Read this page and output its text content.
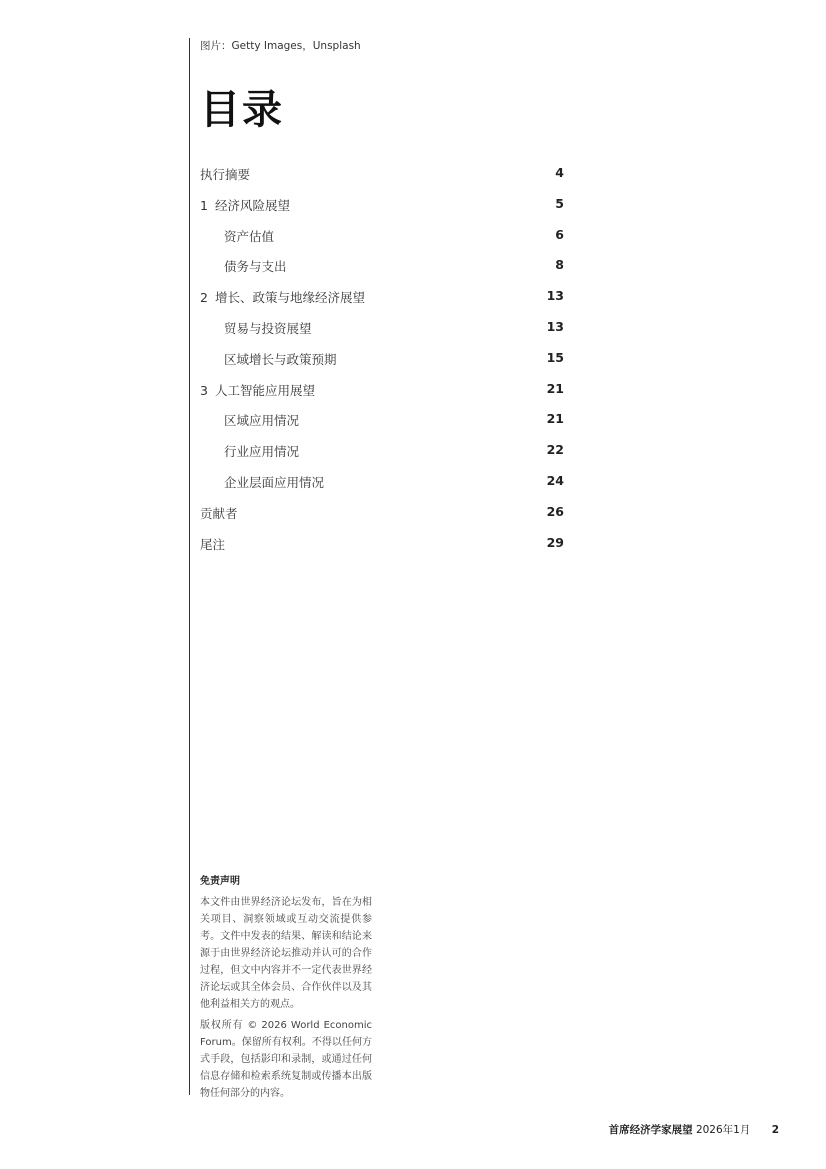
图片：Getty Images，Unsplash
目录
执行摘要	4
1 经济风险展望	5
资产估值	6
债务与支出	8
2 增长、政策与地缘经济展望	13
贸易与投资展望	13
区域增长与政策预期	15
3 人工智能应用展望	21
区域应用情况	21
行业应用情况	22
企业层面应用情况	24
贡献者	26
尾注	29
免责声明

本文件由世界经济论坛发布，旨在为相关项目、洞察领域或互动交流提供参考。文件中发表的结果、解读和结论来源于由世界经济论坛推动并认可的合作过程，但文中内容并不一定代表世界经济论坛或其全体会员、合作伙伴以及其他利益相关方的观点。

版权所有 © 2026 World Economic Forum。保留所有权利。不得以任何方式手段，包括影印和录制，或通过任何信息存储和检索系统复制或传播本出版物任何部分的内容。

首席经济学家展望 2026年1月 2
